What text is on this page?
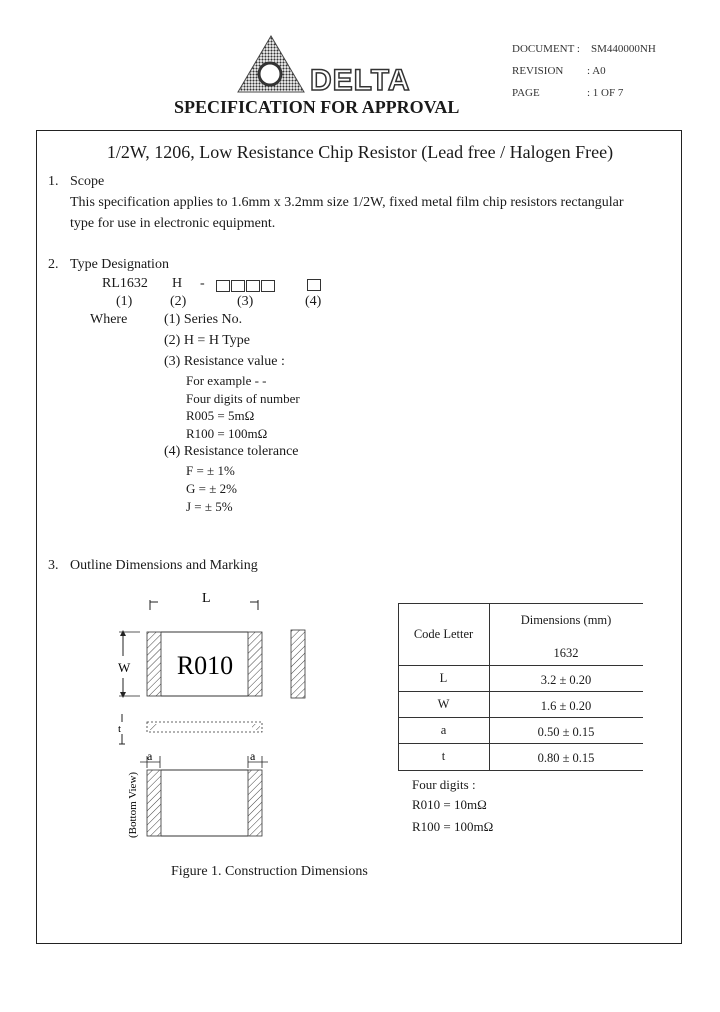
DELTA
DOCUMENT : SM440000NH
REVISION : A0
PAGE	: 1 OF 7
SPECIFICATION FOR APPROVAL
1/2W, 1206, Low Resistance Chip Resistor (Lead free / Halogen Free)
1. Scope
This specification applies to 1.6mm x 3.2mm size 1/2W, fixed metal film chip resistors rectangular
type for use in electronic equipment.
2. Type Designation
RL1632 H -
(1)	(2)	(3)	(4)
Where	(1) Series No.
(2) H = H Type
(3) Resistance value :
For example - -
Four digits of number
R005 = 5mΩ
R100 = 100mΩ
(4) Resistance tolerance
F = ± 1%
G = ± 2%
J = ± 5%
3. Outline Dimensions and Marking
L
R010
W
t
a	a
(Bottom View)
Figure 1. Construction Dimensions
Code Letter
Dimensions (mm)
1632
L	3.2 ± 0.20
W	1.6 ± 0.20
a	0.50 ± 0.15
t	0.80 ± 0.15
Four digits :
R010 = 10mΩ
R100 = 100mΩ
